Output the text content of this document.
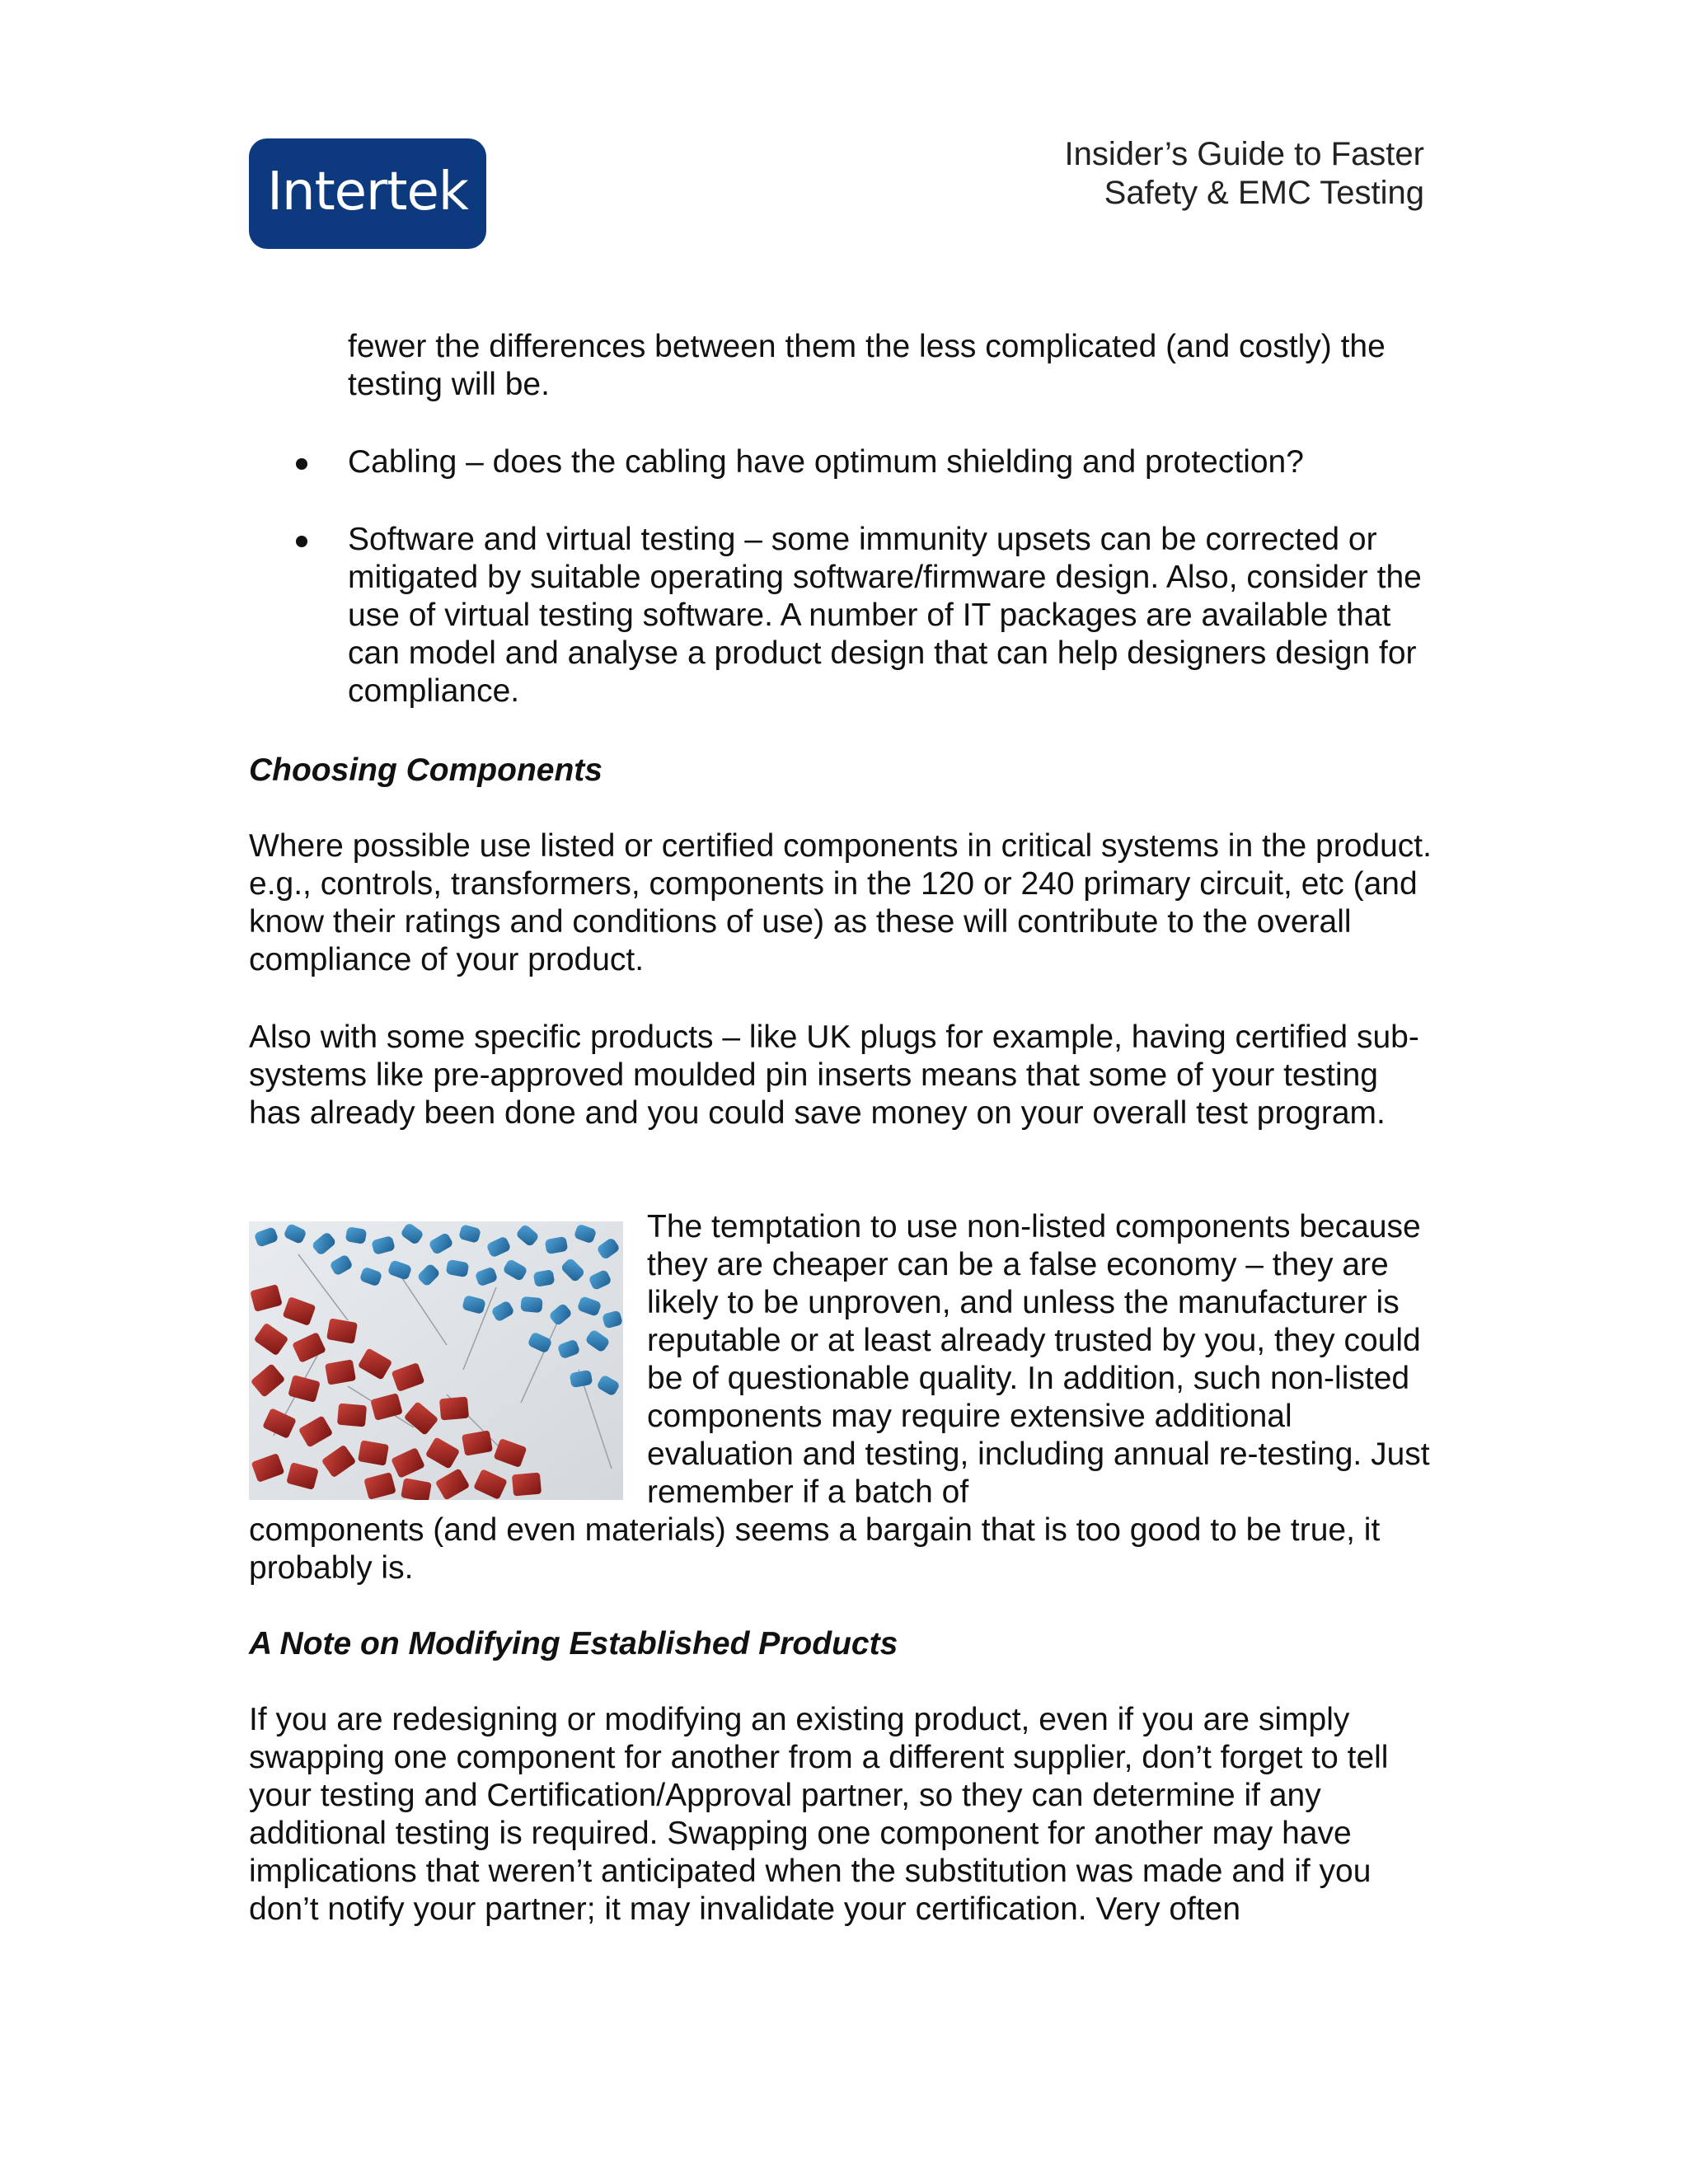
Intertek
Insider’s Guide to Faster
Safety & EMC Testing
fewer the differences between them the less complicated (and costly) the testing will be.
Cabling – does the cabling have optimum shielding and protection?
Software and virtual testing – some immunity upsets can be corrected or mitigated by suitable operating software/firmware design. Also, consider the use of virtual testing software. A number of IT packages are available that can model and analyse a product design that can help designers design for compliance.
Choosing Components
Where possible use listed or certified components in critical systems in the product. e.g., controls, transformers, components in the 120 or 240 primary circuit, etc (and know their ratings and conditions of use) as these will contribute to the overall compliance of your product.
Also with some specific products – like UK plugs for example, having certified sub-systems like pre-approved moulded pin inserts means that some of your testing has already been done and you could save money on your overall test program.
The temptation to use non-listed components because they are cheaper can be a false economy – they are likely to be unproven, and unless the manufacturer is reputable or at least already trusted by you, they could be of questionable quality. In addition, such non-listed components may require extensive additional evaluation and testing, including annual re-testing. Just remember if a batch of
components (and even materials) seems a bargain that is too good to be true, it probably is.
A Note on Modifying Established Products
If you are redesigning or modifying an existing product, even if you are simply swapping one component for another from a different supplier, don’t forget to tell your testing and Certification/Approval partner, so they can determine if any additional testing is required. Swapping one component for another may have implications that weren’t anticipated when the substitution was made and if you don’t notify your partner; it may invalidate your certification. Very often
